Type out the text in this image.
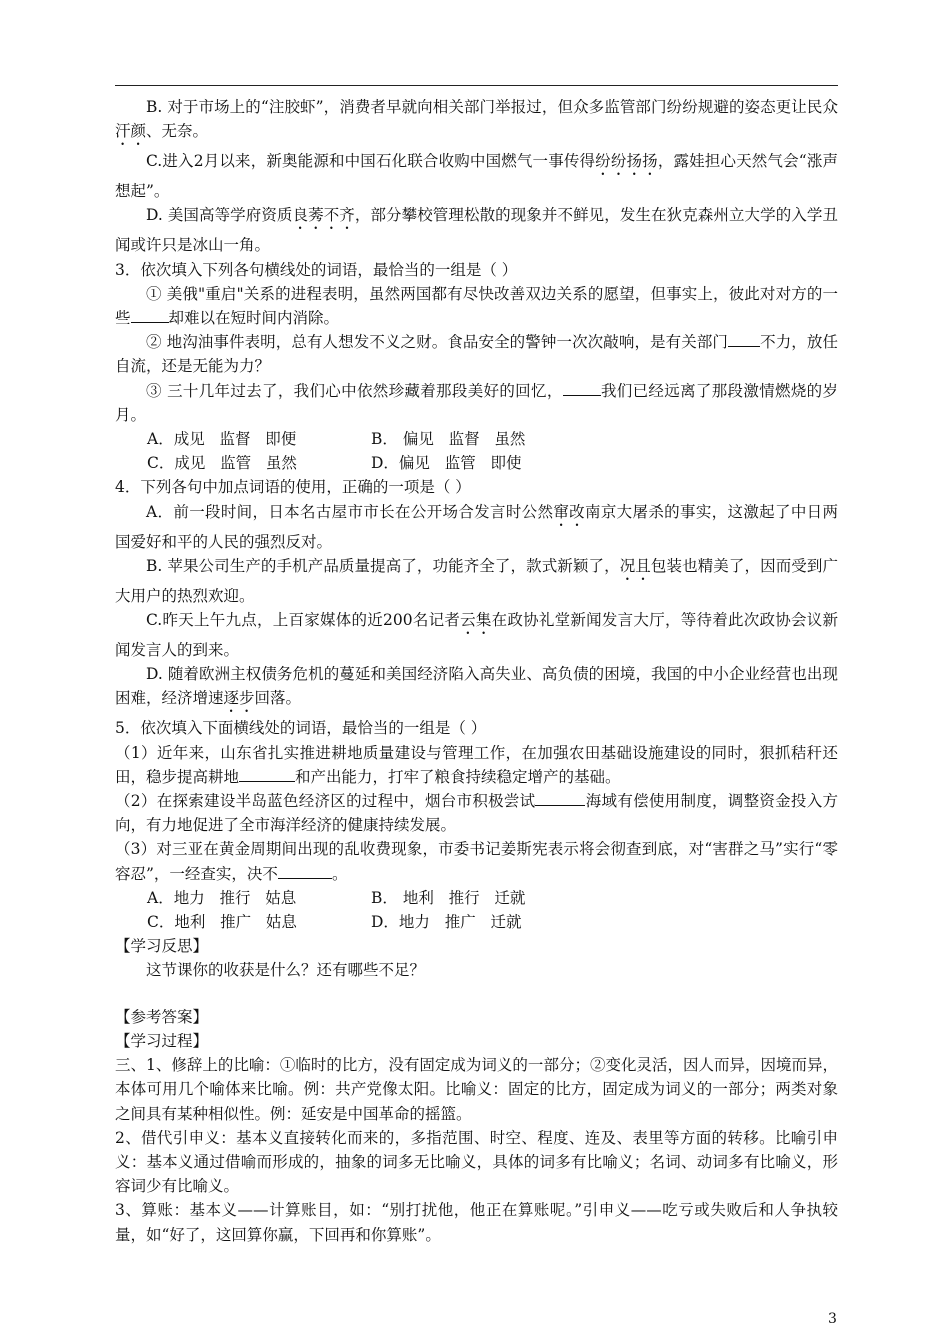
B. 对于市场上的“注胶虾”，消费者早就向相关部门举报过，但众多监管部门纷纷规避的姿态更让民众汗颜、无奈。

C.进入2月以来，新奥能源和中国石化联合收购中国燃气一事传得纷纷扬扬，露娃担心天然气会“涨声想起”。

D. 美国高等学府资质良莠不齐，部分攀校管理松散的现象并不鲜见，发生在狄克森州立大学的入学丑闻或许只是冰山一角。

3．依次填入下列各句横线处的词语，最恰当的一组是（ ）

① 美俄"重启"关系的进程表明，虽然两国都有尽快改善双边关系的愿望，但事实上，彼此对对方的一些 却难以在短时间内消除。

② 地沟油事件表明，总有人想发不义之财。食品安全的警钟一次次敲响，是有关部门 不力，放任自流，还是无能为力？

③ 三十几年过去了，我们心中依然珍藏着那段美好的回忆， 我们已经远离了那段激情燃烧的岁月。

A．成见   监督   即便	B． 偏见   监督   虽然
C．成见   监管   虽然	D．偏见   监管   即使

4．下列各句中加点词语的使用，正确的一项是（ ）

A．前一段时间，日本名古屋市市长在公开场合发言时公然窜改南京大屠杀的事实，这激起了中日两国爱好和平的人民的强烈反对。

B. 苹果公司生产的手机产品质量提高了，功能齐全了，款式新颖了，况且包装也精美了，因而受到广大用户的热烈欢迎。

C.昨天上午九点，上百家媒体的近200名记者云集在政协礼堂新闻发言大厅，等待着此次政协会议新闻发言人的到来。

D. 随着欧洲主权债务危机的蔓延和美国经济陷入高失业、高负债的困境，我国的中小企业经营也出现困难，经济增速逐步回落。

5．依次填入下面横线处的词语，最恰当的一组是（ ）

（1）近年来，山东省扎实推进耕地质量建设与管理工作，在加强农田基础设施建设的同时，狠抓秸秆还田，稳步提高耕地	和产出能力，打牢了粮食持续稳定增产的基础。

（2）在探索建设半岛蓝色经济区的过程中，烟台市积极尝试	海域有偿使用制度，调整资金投入方向，有力地促进了全市海洋经济的健康持续发展。

（3）对三亚在黄金周期间出现的乱收费现象，市委书记姜斯宪表示将会彻查到底，对“害群之马”实行“零容忍”，一经查实，决不	。

A．地力   推行   姑息	B． 地利   推行   迁就
C．地利   推广   姑息	D．地力   推广   迁就

【学习反思】

这节课你的收获是什么？还有哪些不足？

【参考答案】

【学习过程】

三、1、修辞上的比喻：①临时的比方，没有固定成为词义的一部分；②变化灵活，因人而异，因境而异，本体可用几个喻体来比喻。例：共产党像太阳。比喻义：固定的比方，固定成为词义的一部分；两类对象之间具有某种相似性。例：延安是中国革命的摇篮。

2、借代引申义：基本义直接转化而来的，多指范围、时空、程度、连及、表里等方面的转移。比喻引申义：基本义通过借喻而形成的，抽象的词多无比喻义，具体的词多有比喻义；名词、动词多有比喻义，形容词少有比喻义。

3、算账：基本义——计算账目，如：“别打扰他，他正在算账呢。”引申义——吃亏或失败后和人争执较量，如“好了，这回算你赢，下回再和你算账”。

3
